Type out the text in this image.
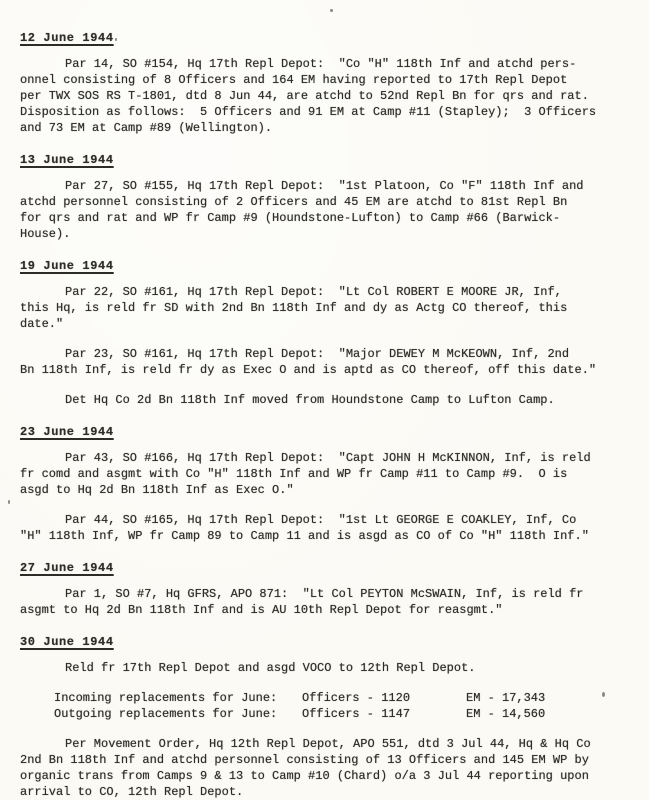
12 June 1944
Par 14, SO #154, Hq 17th Repl Depot:  "Co "H" 118th Inf and atchd pers-
onnel consisting of 8 Officers and 164 EM having reported to 17th Repl Depot
per TWX SOS RS T-1801, dtd 8 Jun 44, are atchd to 52nd Repl Bn for qrs and rat.
Disposition as follows:  5 Officers and 91 EM at Camp #11 (Stapley);  3 Officers
and 73 EM at Camp #89 (Wellington).
13 June 1944
Par 27, SO #155, Hq 17th Repl Depot:  "1st Platoon, Co "F" 118th Inf and
atchd personnel consisting of 2 Officers and 45 EM are atchd to 81st Repl Bn
for qrs and rat and WP fr Camp #9 (Houndstone-Lufton) to Camp #66 (Barwick-
House).
19 June 1944
Par 22, SO #161, Hq 17th Repl Depot:  "Lt Col ROBERT E MOORE JR, Inf,
this Hq, is reld fr SD with 2nd Bn 118th Inf and dy as Actg CO thereof, this
date."
Par 23, SO #161, Hq 17th Repl Depot:  "Major DEWEY M McKEOWN, Inf, 2nd
Bn 118th Inf, is reld fr dy as Exec O and is aptd as CO thereof, off this date."
Det Hq Co 2d Bn 118th Inf moved from Houndstone Camp to Lufton Camp.
23 June 1944
Par 43, SO #166, Hq 17th Repl Depot:  "Capt JOHN H McKINNON, Inf, is reld
fr comd and asgmt with Co "H" 118th Inf and WP fr Camp #11 to Camp #9.  O is
asgd to Hq 2d Bn 118th Inf as Exec O."
Par 44, SO #165, Hq 17th Repl Depot:  "1st Lt GEORGE E COAKLEY, Inf, Co
"H" 118th Inf, WP fr Camp 89 to Camp 11 and is asgd as CO of Co "H" 118th Inf."
27 June 1944
Par 1, SO #7, Hq GFRS, APO 871:  "Lt Col PEYTON McSWAIN, Inf, is reld fr
asgmt to Hq 2d Bn 118th Inf and is AU 10th Repl Depot for reasgmt."
30 June 1944
Reld fr 17th Repl Depot and asgd VOCO to 12th Repl Depot.
Incoming replacements for June:	Officers - 1120	EM - 17,343
Outgoing replacements for June:	Officers - 1147	EM - 14,560
Per Movement Order, Hq 12th Repl Depot, APO 551, dtd 3 Jul 44, Hq & Hq Co
2nd Bn 118th Inf and atchd personnel consisting of 13 Officers and 145 EM WP by
organic trans from Camps 9 & 13 to Camp #10 (Chard) o/a 3 Jul 44 reporting upon
arrival to CO, 12th Repl Depot.
